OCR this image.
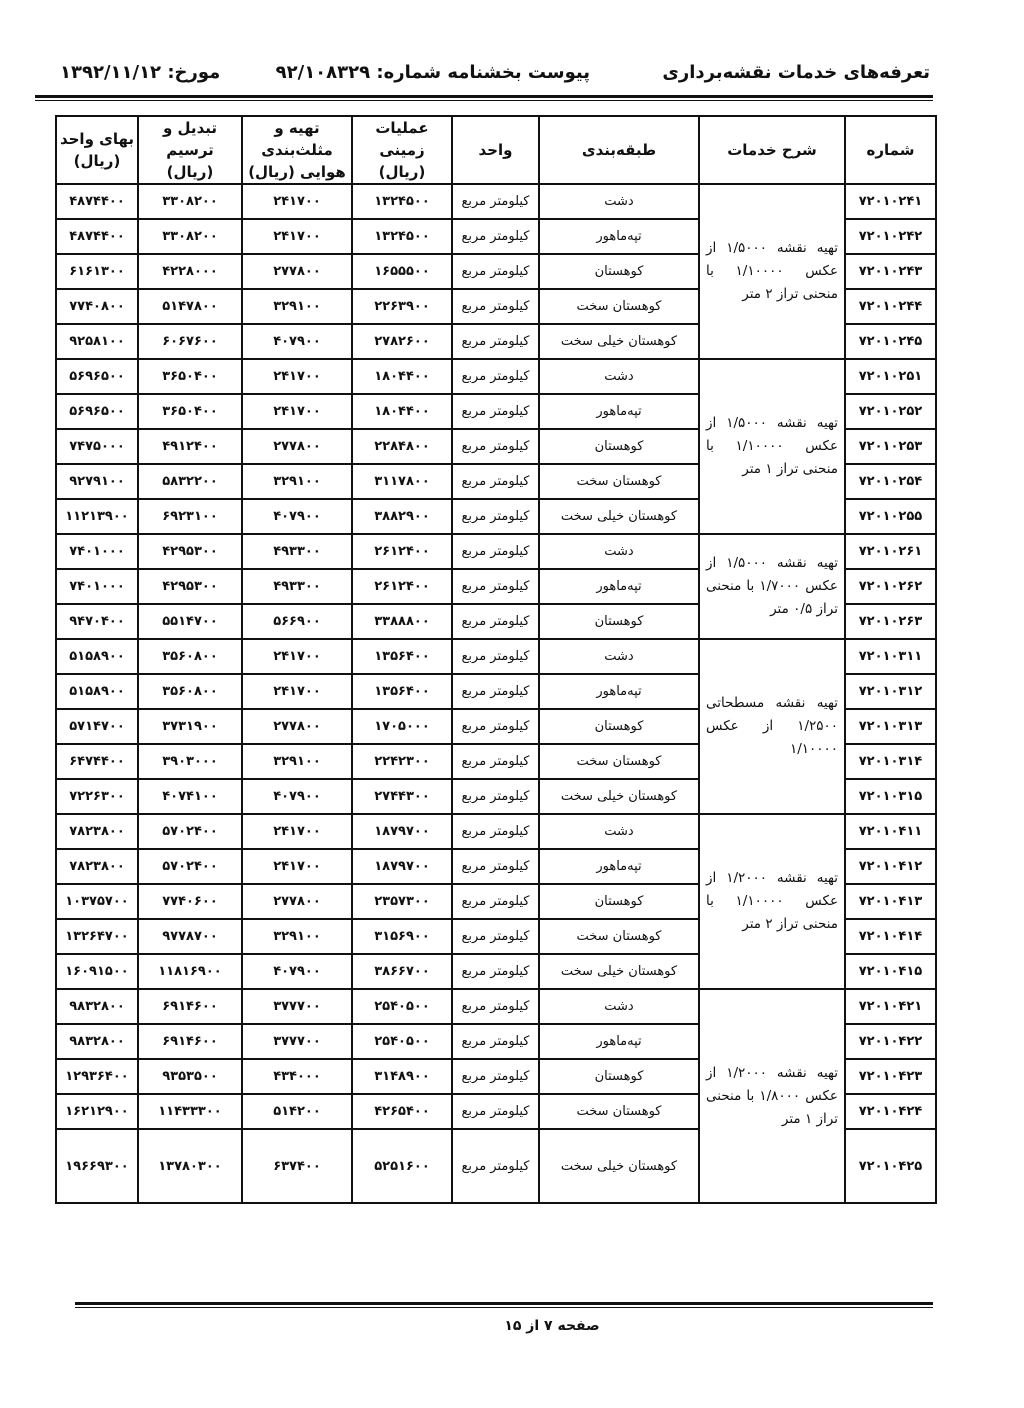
تعرفه‌های خدمات نقشه‌برداری
پیوست بخشنامه شماره: ۹۲/۱۰۸۳۲۹
مورخ: ۱۳۹۲/۱۱/۱۲
شماره	شرح خدمات	طبقه‌بندی	واحد	عملیات زمینی (ریال)	تهیه و مثلث‌بندی هوایی (ریال)	تبدیل و ترسیم (ریال)	بهای واحد (ریال)
۷۲۰۱۰۲۴۱	تهیه نقشه ۱/۵۰۰۰ از عکس ۱/۱۰۰۰۰ با منحنی تراز ۲ متر	دشت	کیلومتر مربع	۱۳۲۴۵۰۰	۲۴۱۷۰۰	۳۳۰۸۲۰۰	۴۸۷۴۴۰۰
۷۲۰۱۰۲۴۲		تپه‌ماهور	کیلومتر مربع	۱۳۲۴۵۰۰	۲۴۱۷۰۰	۳۳۰۸۲۰۰	۴۸۷۴۴۰۰
۷۲۰۱۰۲۴۳		کوهستان	کیلومتر مربع	۱۶۵۵۵۰۰	۲۷۷۸۰۰	۴۲۲۸۰۰۰	۶۱۶۱۳۰۰
۷۲۰۱۰۲۴۴		کوهستان سخت	کیلومتر مربع	۲۲۶۳۹۰۰	۳۲۹۱۰۰	۵۱۴۷۸۰۰	۷۷۴۰۸۰۰
۷۲۰۱۰۲۴۵		کوهستان خیلی سخت	کیلومتر مربع	۲۷۸۲۶۰۰	۴۰۷۹۰۰	۶۰۶۷۶۰۰	۹۲۵۸۱۰۰
۷۲۰۱۰۲۵۱	تهیه نقشه ۱/۵۰۰۰ از عکس ۱/۱۰۰۰۰ با منحنی تراز ۱ متر	دشت	کیلومتر مربع	۱۸۰۴۴۰۰	۲۴۱۷۰۰	۳۶۵۰۴۰۰	۵۶۹۶۵۰۰
۷۲۰۱۰۲۵۲		تپه‌ماهور	کیلومتر مربع	۱۸۰۴۴۰۰	۲۴۱۷۰۰	۳۶۵۰۴۰۰	۵۶۹۶۵۰۰
۷۲۰۱۰۲۵۳		کوهستان	کیلومتر مربع	۲۲۸۴۸۰۰	۲۷۷۸۰۰	۴۹۱۲۴۰۰	۷۴۷۵۰۰۰
۷۲۰۱۰۲۵۴		کوهستان سخت	کیلومتر مربع	۳۱۱۷۸۰۰	۳۲۹۱۰۰	۵۸۳۲۲۰۰	۹۲۷۹۱۰۰
۷۲۰۱۰۲۵۵		کوهستان خیلی سخت	کیلومتر مربع	۳۸۸۲۹۰۰	۴۰۷۹۰۰	۶۹۲۳۱۰۰	۱۱۲۱۳۹۰۰
۷۲۰۱۰۲۶۱	تهیه نقشه ۱/۵۰۰۰ از عکس ۱/۷۰۰۰ با منحنی تراز ۰/۵ متر	دشت	کیلومتر مربع	۲۶۱۲۴۰۰	۴۹۳۳۰۰	۴۲۹۵۳۰۰	۷۴۰۱۰۰۰
۷۲۰۱۰۲۶۲		تپه‌ماهور	کیلومتر مربع	۲۶۱۲۴۰۰	۴۹۳۳۰۰	۴۲۹۵۳۰۰	۷۴۰۱۰۰۰
۷۲۰۱۰۲۶۳		کوهستان	کیلومتر مربع	۳۳۸۸۸۰۰	۵۶۶۹۰۰	۵۵۱۴۷۰۰	۹۴۷۰۴۰۰
۷۲۰۱۰۳۱۱	تهیه نقشه مسطحاتی ۱/۲۵۰۰ از عکس ۱/۱۰۰۰۰	دشت	کیلومتر مربع	۱۳۵۶۴۰۰	۲۴۱۷۰۰	۳۵۶۰۸۰۰	۵۱۵۸۹۰۰
۷۲۰۱۰۳۱۲		تپه‌ماهور	کیلومتر مربع	۱۳۵۶۴۰۰	۲۴۱۷۰۰	۳۵۶۰۸۰۰	۵۱۵۸۹۰۰
۷۲۰۱۰۳۱۳		کوهستان	کیلومتر مربع	۱۷۰۵۰۰۰	۲۷۷۸۰۰	۳۷۳۱۹۰۰	۵۷۱۴۷۰۰
۷۲۰۱۰۳۱۴		کوهستان سخت	کیلومتر مربع	۲۲۴۲۳۰۰	۳۲۹۱۰۰	۳۹۰۳۰۰۰	۶۴۷۴۴۰۰
۷۲۰۱۰۳۱۵		کوهستان خیلی سخت	کیلومتر مربع	۲۷۴۴۳۰۰	۴۰۷۹۰۰	۴۰۷۴۱۰۰	۷۲۲۶۳۰۰
۷۲۰۱۰۴۱۱	تهیه نقشه ۱/۲۰۰۰ از عکس ۱/۱۰۰۰۰ با منحنی تراز ۲ متر	دشت	کیلومتر مربع	۱۸۷۹۷۰۰	۲۴۱۷۰۰	۵۷۰۲۴۰۰	۷۸۲۳۸۰۰
۷۲۰۱۰۴۱۲		تپه‌ماهور	کیلومتر مربع	۱۸۷۹۷۰۰	۲۴۱۷۰۰	۵۷۰۲۴۰۰	۷۸۲۳۸۰۰
۷۲۰۱۰۴۱۳		کوهستان	کیلومتر مربع	۲۳۵۷۳۰۰	۲۷۷۸۰۰	۷۷۴۰۶۰۰	۱۰۳۷۵۷۰۰
۷۲۰۱۰۴۱۴		کوهستان سخت	کیلومتر مربع	۳۱۵۶۹۰۰	۳۲۹۱۰۰	۹۷۷۸۷۰۰	۱۳۲۶۴۷۰۰
۷۲۰۱۰۴۱۵		کوهستان خیلی سخت	کیلومتر مربع	۳۸۶۶۷۰۰	۴۰۷۹۰۰	۱۱۸۱۶۹۰۰	۱۶۰۹۱۵۰۰
۷۲۰۱۰۴۲۱	تهیه نقشه ۱/۲۰۰۰ از عکس ۱/۸۰۰۰ با منحنی تراز ۱ متر	دشت	کیلومتر مربع	۲۵۴۰۵۰۰	۳۷۷۷۰۰	۶۹۱۴۶۰۰	۹۸۳۲۸۰۰
۷۲۰۱۰۴۲۲		تپه‌ماهور	کیلومتر مربع	۲۵۴۰۵۰۰	۳۷۷۷۰۰	۶۹۱۴۶۰۰	۹۸۳۲۸۰۰
۷۲۰۱۰۴۲۳		کوهستان	کیلومتر مربع	۳۱۴۸۹۰۰	۴۳۴۰۰۰	۹۳۵۳۵۰۰	۱۲۹۳۶۴۰۰
۷۲۰۱۰۴۲۴		کوهستان سخت	کیلومتر مربع	۴۲۶۵۴۰۰	۵۱۴۲۰۰	۱۱۴۳۳۳۰۰	۱۶۲۱۲۹۰۰
۷۲۰۱۰۴۲۵		کوهستان خیلی سخت	کیلومتر مربع	۵۲۵۱۶۰۰	۶۳۷۴۰۰	۱۳۷۸۰۳۰۰	۱۹۶۶۹۳۰۰
صفحه ۷ از ۱۵
